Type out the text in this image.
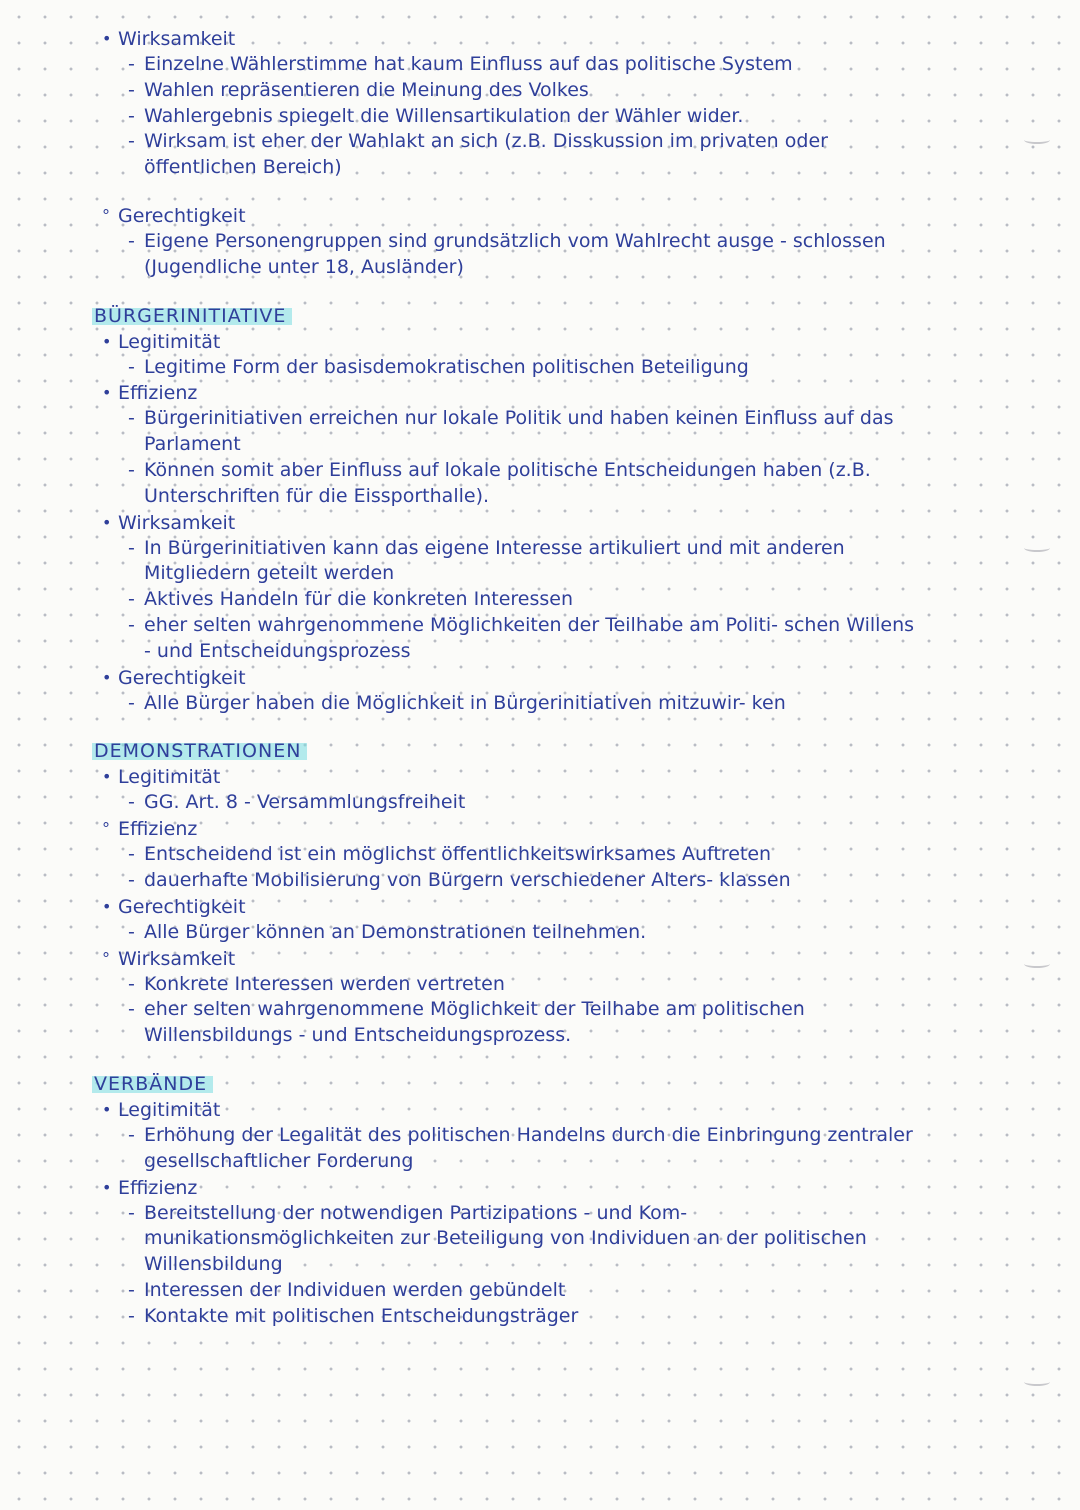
• Wirksamkeit
- Einzelne Wählerstimme hat kaum Einfluss auf das politische System
- Wahlen repräsentieren die Meinung des Volkes
- Wahlergebnis spiegelt die Willensartikulation der Wähler wider.
- Wirksam ist eher der Wahlakt an sich (z.B. Disskussion im privaten oder öffentlichen Bereich)
° Gerechtigkeit
- Eigene Personengruppen sind grundsätzlich vom Wahlrecht ausge - schlossen (Jugendliche unter 18, Ausländer)
BÜRGERINITIATIVE
• Legitimität
- Legitime Form der basisdemokratischen politischen Beteiligung
• Effizienz
- Bürgerinitiativen erreichen nur lokale Politik und haben keinen Einfluss auf das Parlament
- Können somit aber Einfluss auf lokale politische Entscheidungen haben (z.B. Unterschriften für die Eissporthalle).
• Wirksamkeit
- In Bürgerinitiativen kann das eigene Interesse artikuliert und mit anderen Mitgliedern geteilt werden
- Aktives Handeln für die konkreten Interessen
- eher selten wahrgenommene Möglichkeiten der Teilhabe am Politi- schen Willens - und Entscheidungsprozess
• Gerechtigkeit
- Alle Bürger haben die Möglichkeit in Bürgerinitiativen mitzuwir- ken
DEMONSTRATIONEN
• Legitimität
- GG. Art. 8 - Versammlungsfreiheit
° Effizienz
- Entscheidend ist ein möglichst öffentlichkeitswirksames Auftreten
- dauerhafte Mobilisierung von Bürgern verschiedener Alters- klassen
• Gerechtigkeit
- Alle Bürger können an Demonstrationen teilnehmen.
° Wirksamkeit
- Konkrete Interessen werden vertreten
- eher selten wahrgenommene Möglichkeit der Teilhabe am politischen Willensbildungs - und Entscheidungsprozess.
VERBÄNDE
• Legitimität
- Erhöhung der Legalität des politischen Handelns durch die Einbringung zentraler gesellschaftlicher Forderung
• Effizienz
- Bereitstellung der notwendigen Partizipations - und Kom- munikationsmöglichkeiten zur Beteiligung von Individuen an der politischen Willensbildung
- Interessen der Individuen werden gebündelt
- Kontakte mit politischen Entscheidungsträger
